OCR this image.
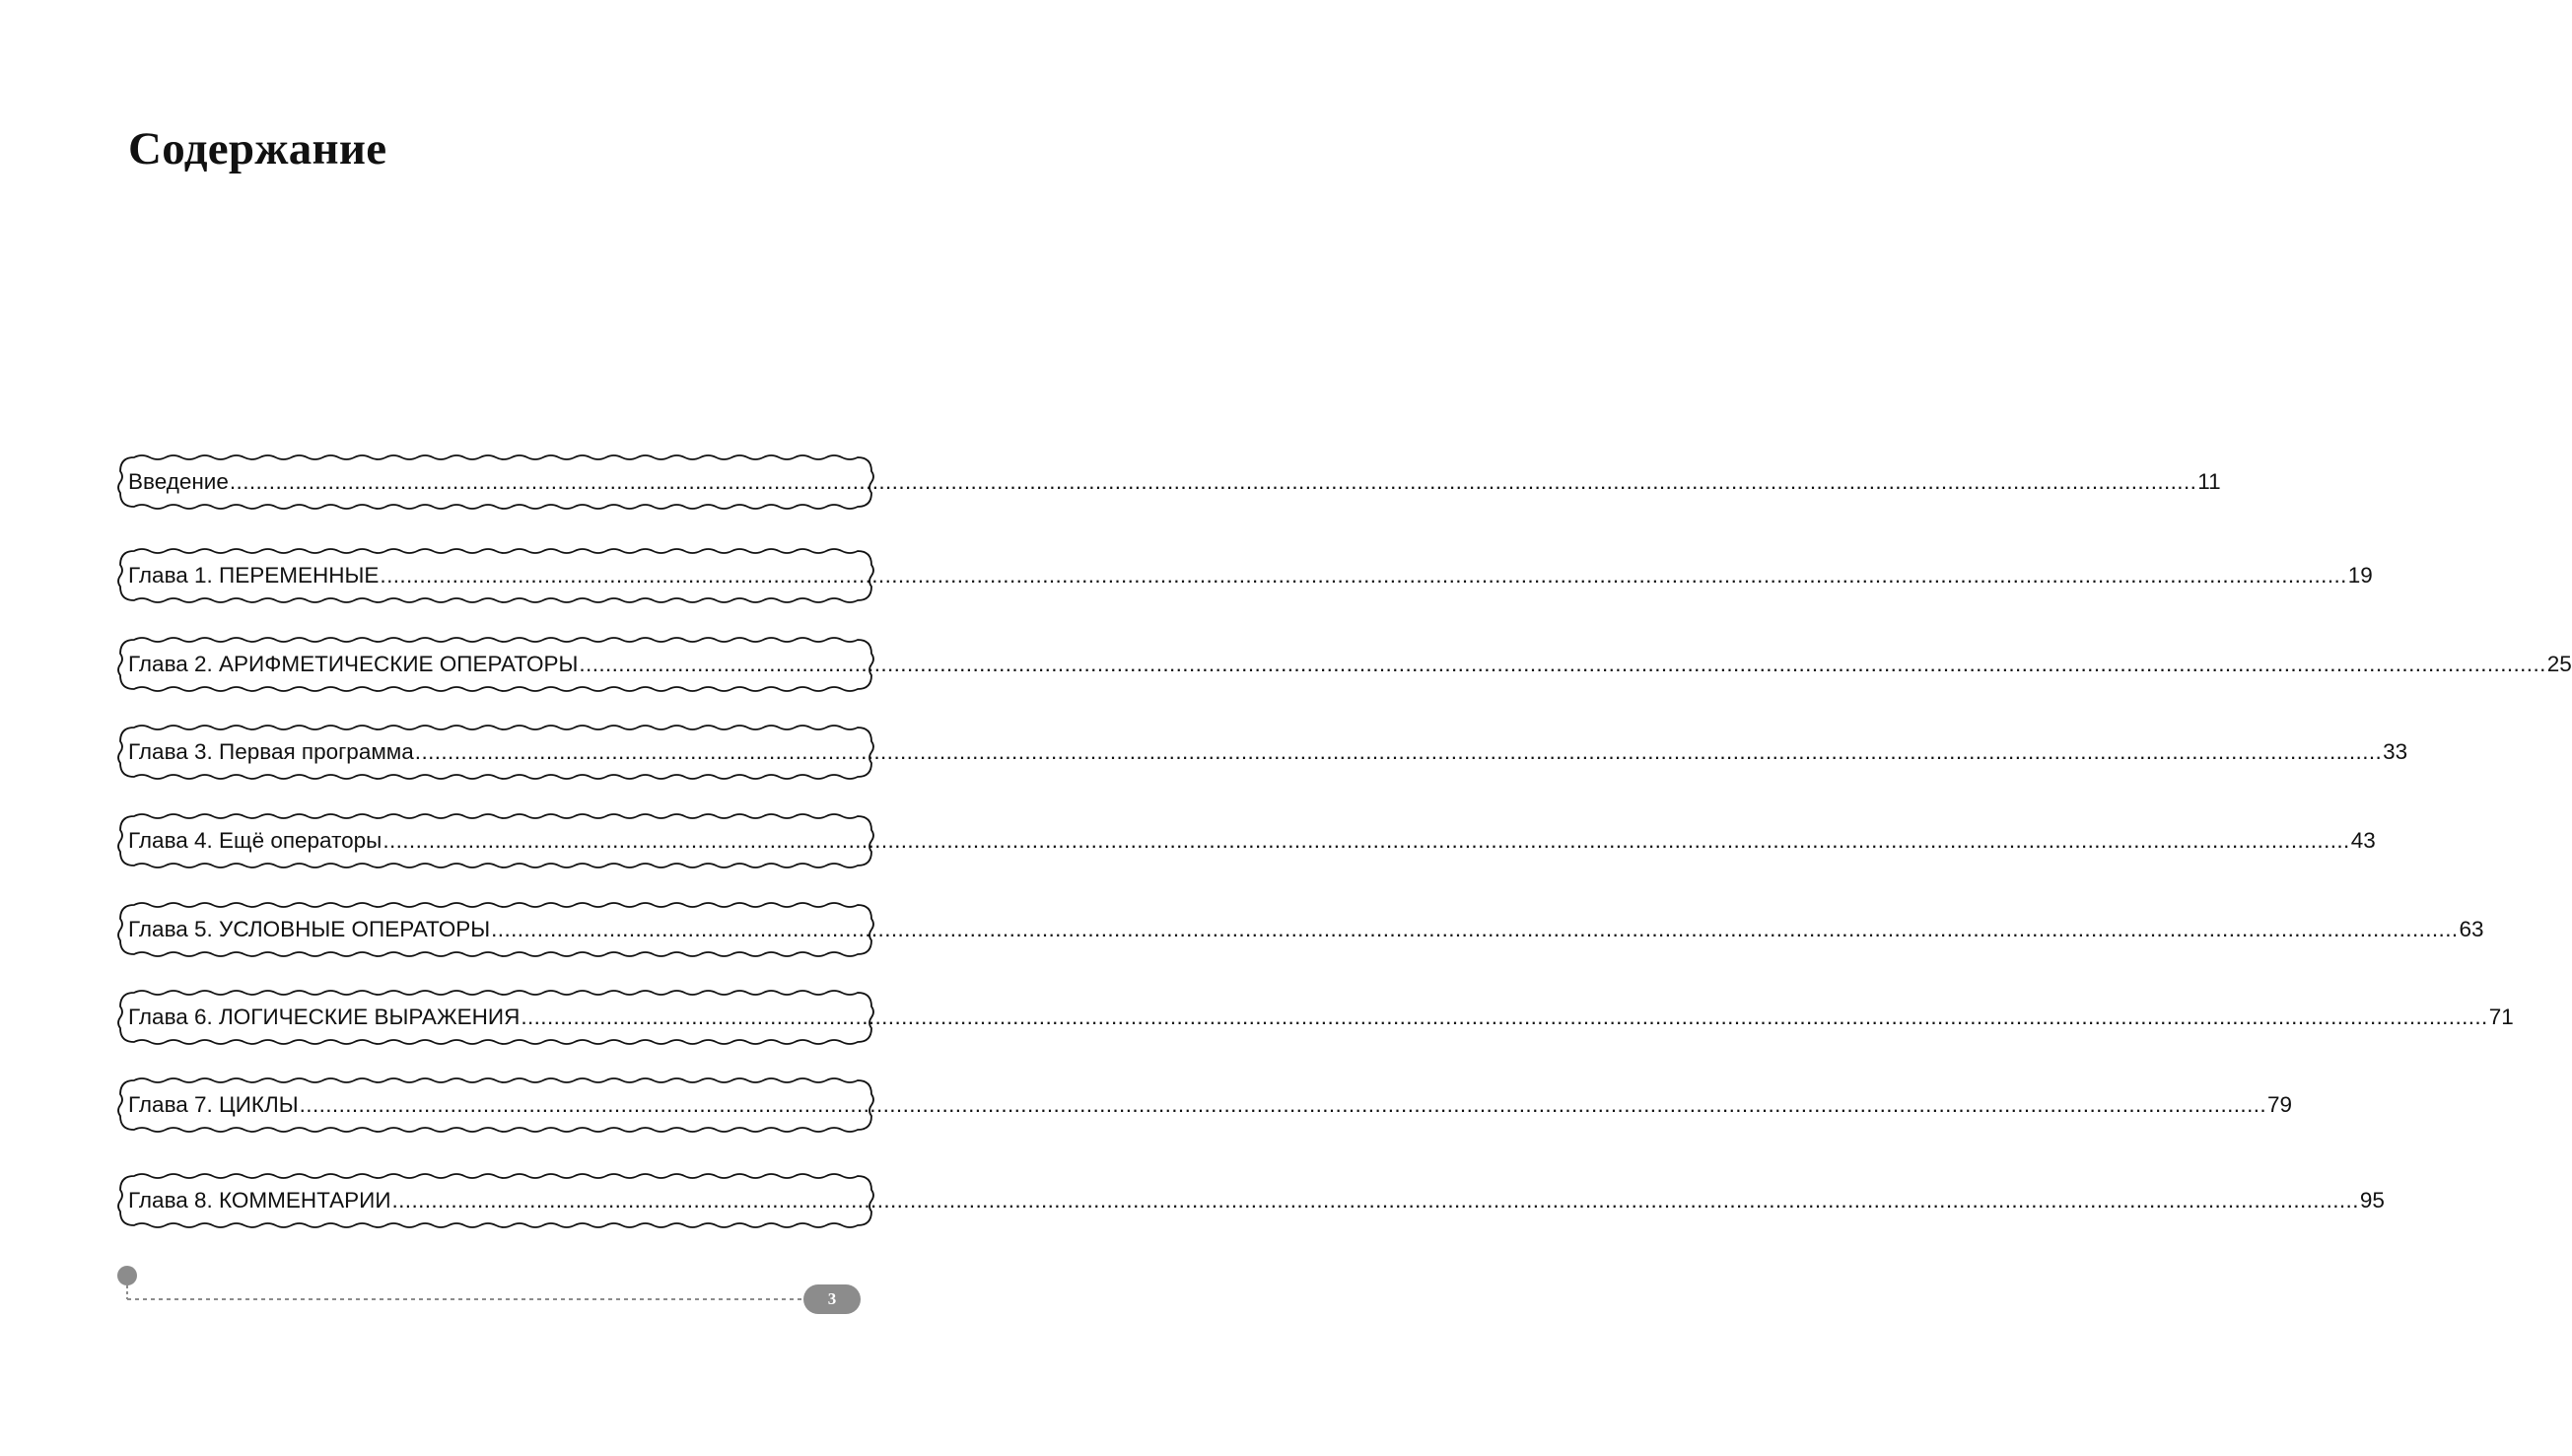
Содержание
Введение ............................................................................................................................................................................................................................................................................................................ 11
Глава 1. ПЕРЕМЕННЫЕ ............................................................................................................................................................................................................................................................................................................ 19
Глава 2. АРИФМЕТИЧЕСКИЕ ОПЕРАТОРЫ ............................................................................................................................................................................................................................................................................................................ 25
Глава 3. Первая программа ............................................................................................................................................................................................................................................................................................................ 33
Глава 4. Ещё операторы ............................................................................................................................................................................................................................................................................................................ 43
Глава 5. УСЛОВНЫЕ ОПЕРАТОРЫ ............................................................................................................................................................................................................................................................................................................ 63
Глава 6. ЛОГИЧЕСКИЕ ВЫРАЖЕНИЯ ............................................................................................................................................................................................................................................................................................................ 71
Глава 7. ЦИКЛЫ ............................................................................................................................................................................................................................................................................................................ 79
Глава 8. КОММЕНТАРИИ ............................................................................................................................................................................................................................................................................................................ 95
3
